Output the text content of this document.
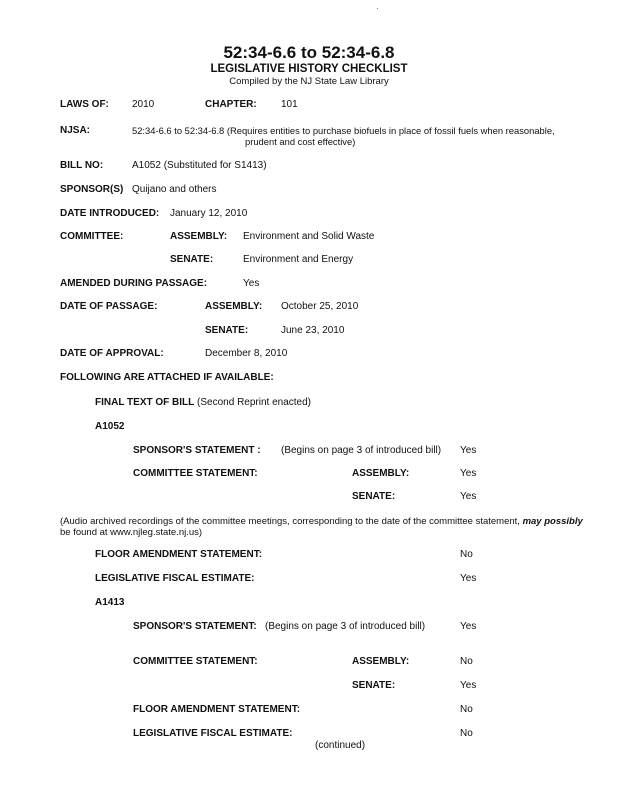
52:34-6.6 to 52:34-6.8
LEGISLATIVE HISTORY CHECKLIST
Compiled by the NJ State Law Library
LAWS OF: 2010	CHAPTER: 101
NJSA:	52:34-6.6 to 52:34-6.8 (Requires entities to purchase biofuels in place of fossil fuels when reasonable,
prudent and cost effective)
BILL NO:	A1052 (Substituted for S1413)
SPONSOR(S) Quijano and others
DATE INTRODUCED: January 12, 2010
COMMITTEE:	ASSEMBLY: Environment and Solid Waste
SENATE:	Environment and Energy
AMENDED DURING PASSAGE:	Yes
DATE OF PASSAGE:	ASSEMBLY: October 25, 2010
SENATE:	June 23, 2010
DATE OF APPROVAL:	December 8, 2010
FOLLOWING ARE ATTACHED IF AVAILABLE:
FINAL TEXT OF BILL (Second Reprint enacted)
A1052
SPONSOR'S STATEMENT : (Begins on page 3 of introduced bill) Yes
COMMITTEE STATEMENT:	ASSEMBLY:	Yes
SENATE:	Yes
(Audio archived recordings of the committee meetings, corresponding to the date of the committee statement, may possibly
be found at www.njleg.state.nj.us)
FLOOR AMENDMENT STATEMENT:	No
LEGISLATIVE FISCAL ESTIMATE:	Yes
A1413
SPONSOR'S STATEMENT: (Begins on page 3 of introduced bill)	Yes
COMMITTEE STATEMENT:	ASSEMBLY:	No
SENATE:	Yes
FLOOR AMENDMENT STATEMENT:	No
LEGISLATIVE FISCAL ESTIMATE:	No
(continued)
